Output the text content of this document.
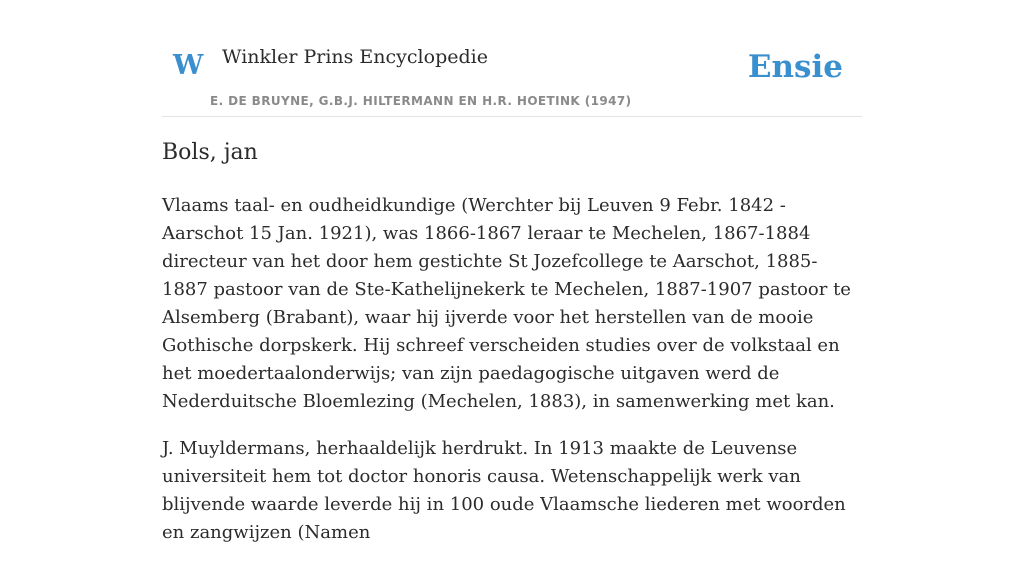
W Winkler Prins Encyclopedie
E. DE BRUYNE, G.B.J. HILTERMANN EN H.R. HOETINK (1947)
Ensie
Bols, jan

Vlaams taal- en oudheidkundige (Werchter bij Leuven 9 Febr. 1842 - Aarschot 15 Jan. 1921), was 1866-1867 leraar te Mechelen, 1867-1884 directeur van het door hem gestichte St Jozefcollege te Aarschot, 1885-1887 pastoor van de Ste-Kathelijnekerk te Mechelen, 1887-1907 pastoor te Alsemberg (Brabant), waar hij ijverde voor het herstellen van de mooie Gothische dorpskerk. Hij schreef verscheiden studies over de volkstaal en het moedertaalonderwijs; van zijn paedagogische uitgaven werd de Nederduitsche Bloemlezing (Mechelen, 1883), in samenwerking met kan.

J. Muyldermans, herhaaldelijk herdrukt. In 1913 maakte de Leuvense universiteit hem tot doctor honoris causa. Wetenschappelijk werk van blijvende waarde leverde hij in 100 oude Vlaamsche liederen met woorden en zangwijzen (Namen
